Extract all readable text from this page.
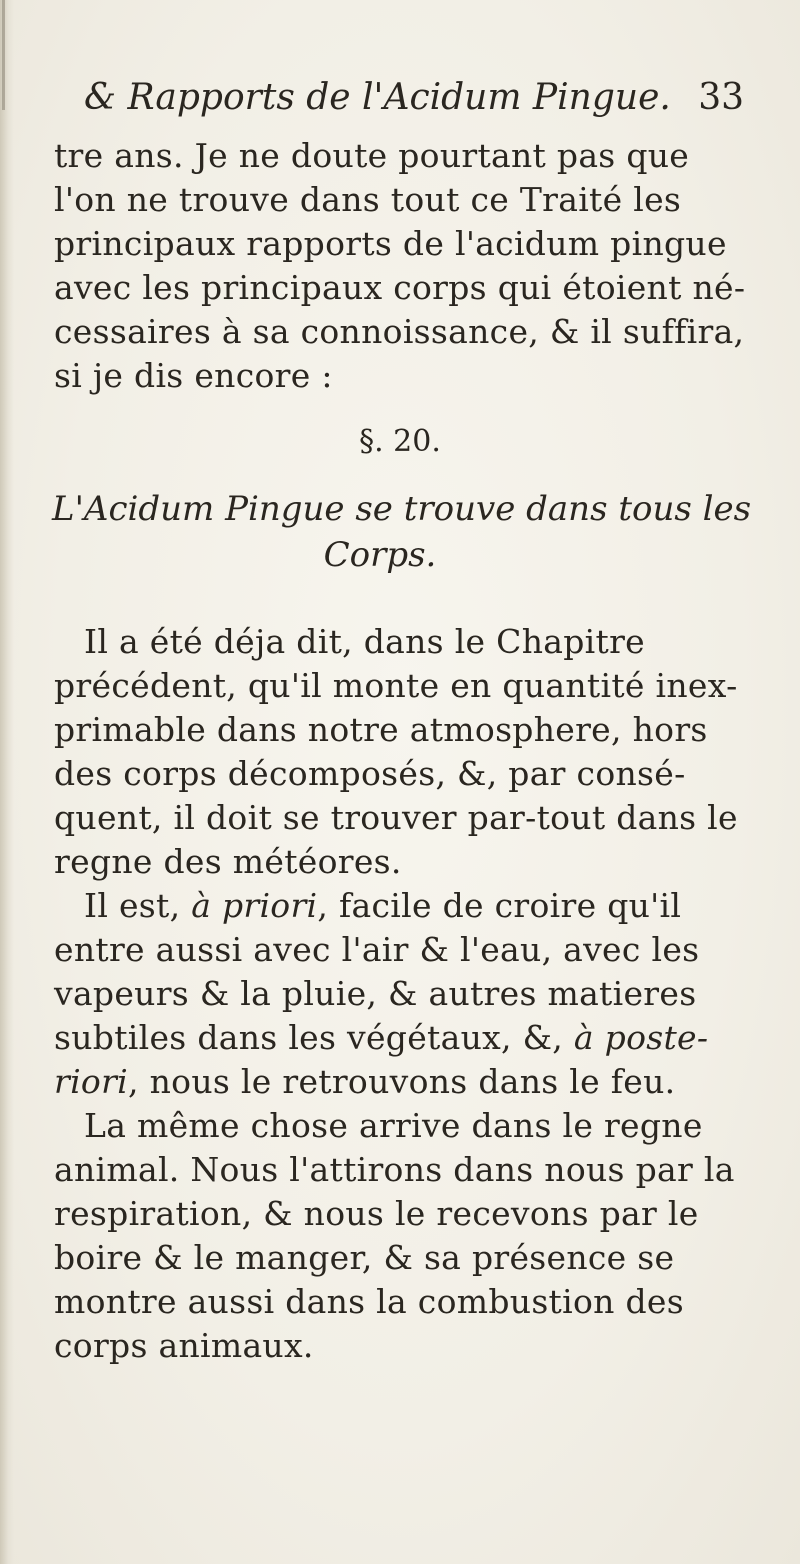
& Rapports de l'Acidum Pingue. 33
tre ans. Je ne doute pourtant pas que
l'on ne trouve dans tout ce Traité les
principaux rapports de l'acidum pingue
avec les principaux corps qui étoient né-
cessaires à sa connoissance, & il suffira,
si je dis encore :
§. 20.
L'Acidum Pingue se trouve dans tous les
Corps.
Il a été déja dit, dans le Chapitre
précédent, qu'il monte en quantité inex-
primable dans notre atmosphere, hors
des corps décomposés, &, par consé-
quent, il doit se trouver par-tout dans le
regne des météores.
Il est, à priori, facile de croire qu'il
entre aussi avec l'air & l'eau, avec les
vapeurs & la pluie, & autres matieres
subtiles dans les végétaux, &, à poste-
riori, nous le retrouvons dans le feu.
La même chose arrive dans le regne
animal. Nous l'attirons dans nous par la
respiration, & nous le recevons par le
boire & le manger, & sa présence se
montre aussi dans la combustion des
corps animaux.
